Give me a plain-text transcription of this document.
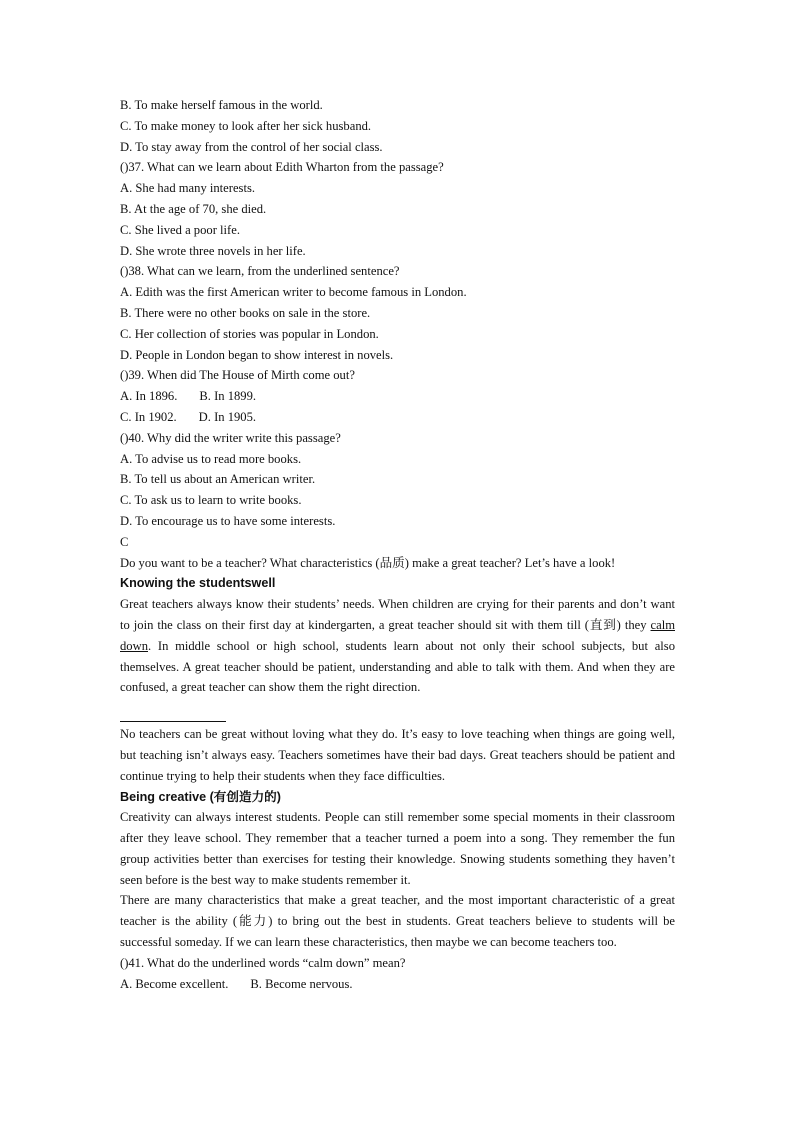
B. To make herself famous in the world.
C. To make money to look after her sick husband.
D. To stay away from the control of her social class.
()37. What can we learn about Edith Wharton from the passage?
A. She had many interests.
B. At the age of 70, she died.
C. She lived a poor life.
D. She wrote three novels in her life.
()38. What can we learn, from the underlined sentence?
A. Edith was the first American writer to become famous in London.
B. There were no other books on sale in the store.
C. Her collection of stories was popular in London.
D. People in London began to show interest in novels.
()39. When did The House of Mirth come out?
A. In 1896. B. In 1899.
C. In 1902. D. In 1905.
()40. Why did the writer write this passage?
A. To advise us to read more books.
B. To tell us about an American writer.
C. To ask us to learn to write books.
D. To encourage us to have some interests.
C
Do you want to be a teacher? What characteristics (品质) make a great teacher? Let’s have a look!
Knowing the studentswell
Great teachers always know their students’ needs. When children are crying for their parents and don’t want to join the class on their first day at kindergarten, a great teacher should sit with them till (直到) they calm down. In middle school or high school, students learn about not only their school subjects, but also themselves. A great teacher should be patient, understanding and able to talk with them. And when they are confused, a great teacher can show them the right direction.
No teachers can be great without loving what they do. It’s easy to love teaching when things are going well, but teaching isn’t always easy. Teachers sometimes have their bad days. Great teachers should be patient and continue trying to help their students when they face difficulties.
Being creative (有创造力的)
Creativity can always interest students. People can still remember some special moments in their classroom after they leave school. They remember that a teacher turned a poem into a song. They remember the fun group activities better than exercises for testing their knowledge. Snowing students something they haven’t seen before is the best way to make students remember it.
There are many characteristics that make a great teacher, and the most important characteristic of a great teacher is the ability (能力) to bring out the best in students. Great teachers believe to students will be successful someday. If we can learn these characteristics, then maybe we can become teachers too.
()41. What do the underlined words “calm down” mean?
A. Become excellent. B. Become nervous.
